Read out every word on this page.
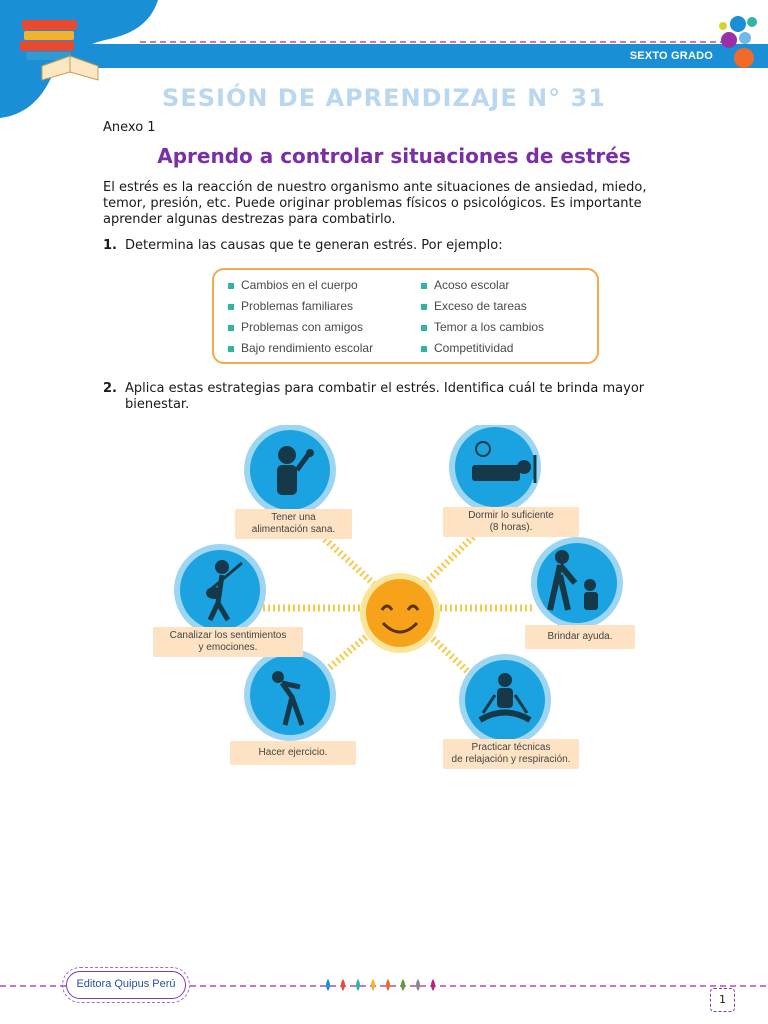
SEXTO GRADO
SESIÓN DE APRENDIZAJE N° 31
Anexo 1
Aprendo a controlar situaciones de estrés
El estrés es la reacción de nuestro organismo ante situaciones de ansiedad, miedo, temor, presión, etc. Puede originar problemas físicos o psicológicos. Es importante aprender algunas destrezas para combatirlo.
1. Determina las causas que te generan estrés. Por ejemplo:
Cambios en el cuerpo
Problemas familiares
Problemas con amigos
Bajo rendimiento escolar
Acoso escolar
Exceso de tareas
Temor a los cambios
Competitividad
2. Aplica estas estrategias para combatir el estrés. Identifica cuál te brinda mayor bienestar.
Tener una
alimentación sana.
Dormir lo suficiente
(8 horas).
Canalizar los sentimientos
y emociones.
Brindar ayuda.
Hacer ejercicio.	Practicar técnicas
de relajación y respiración.
Editora Quipus Perú
1
